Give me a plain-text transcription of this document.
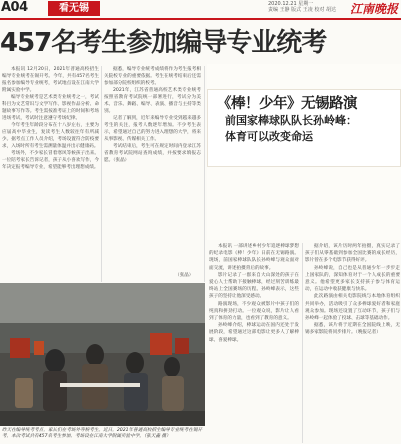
A04	看无锡	2020.12.21 星期一
责编 王静 版式 王凌 校对 胡达	江南晚报
457名考生参加编导专业统考

本报讯 12月20日，2021年普通高校招生编导专业统考在锡开考。今年，共有457名考生报名参加编导专业统考，考试地点设在江南大学附属实验中学。

编导专业统考是艺术类专业统考之一，考试科目为文艺常识与文学写作、影视作品分析、命题故事写作等。考生需按准考证上的时间和考场进场考试，考试时注意遵守考场纪律。

今年考生年龄段分布在十八岁左右，主要为应届高中毕业生，复读考生人数较往年有所减少。据考点工作人员介绍，考场设置符合防疫要求，入场时所有考生需测量体温并出示健康码。

考场外，不少家长冒着寒风等候孩子出来。一位陪考家长告诉记者，孩子从小喜欢写作，今年决定报考编导专业，希望能够考出理想成绩。

据悉，编导专业统考成绩将作为考生报考相关院校专业的重要依据。考生在统考结束后还需参加部分院校组织的校考。

2021年，江苏省普通高校艺术类专业统考按照省教育考试院统一部署进行，考试分为美术、音乐、舞蹈、编导、表演、播音与主持等类别。

记者了解到，近年来编导专业受到越来越多考生的关注，报考人数逐年增加。不少考生表示，希望通过自己的努力进入理想的大学，将来从事影视、传媒相关工作。

考试结束后，考生可在规定时间内登录江苏省教育考试院网站查询成绩，并按要求填报志愿。（张晶）

（张晶）
《棒！少年》无锡路演
前国家棒球队队长孙岭峰：
体育可以改变命运

本报讯 一部讲述乡村少年追逐棒球梦想的纪录电影《棒！少年》日前在无锡路演。现场，前国家棒球队队长孙岭峰与观众面对面交流，讲述拍摄背后的故事。

影片记录了一群来自大山深处的孩子在爱心人士帮助下接触棒球，经过刻苦训练最终站上全国赛场的历程。孙岭峰表示，这些孩子的坚持让他深受感动。

路演现场，不少观众被影片中孩子们的纯真和拼劲打动。一位观众说，影片让人看到了体育的力量，也看到了教育的意义。

孙岭峰介绍，棒球运动在国内还处于发展阶段，希望通过这部电影让更多人了解棒球、喜爱棒球。

据介绍，该片历时两年拍摄，真实记录了孩子们从零基础到参加全国比赛的成长经历，影片曾在多个电影节获得好评。

孙岭峰说，自己也是从普通少年一步步走上国家队的，深知体育对于一个人成长的重要意义。他希望更多家长支持孩子参与体育运动，在运动中收获健康与快乐。

此次路演由相关电影院线与本地体育组织共同举办，活动吸引了众多棒球爱好者和家庭观众参加。现场还设置了互动环节，孩子们与孙岭峰一起体验了投球、击球等基础动作。

据悉，该片将于近期在全国院线上映，无锡多家影院将同步排片。（晚报记者）

昨天在编导统考考点，家长们在考场外等候考生。近日，2021年普通高校招生编导专业统考在锡开考，本次考试共有457名考生参加，考场设在江南大学附属实验中学。（张天鑫 摄）
